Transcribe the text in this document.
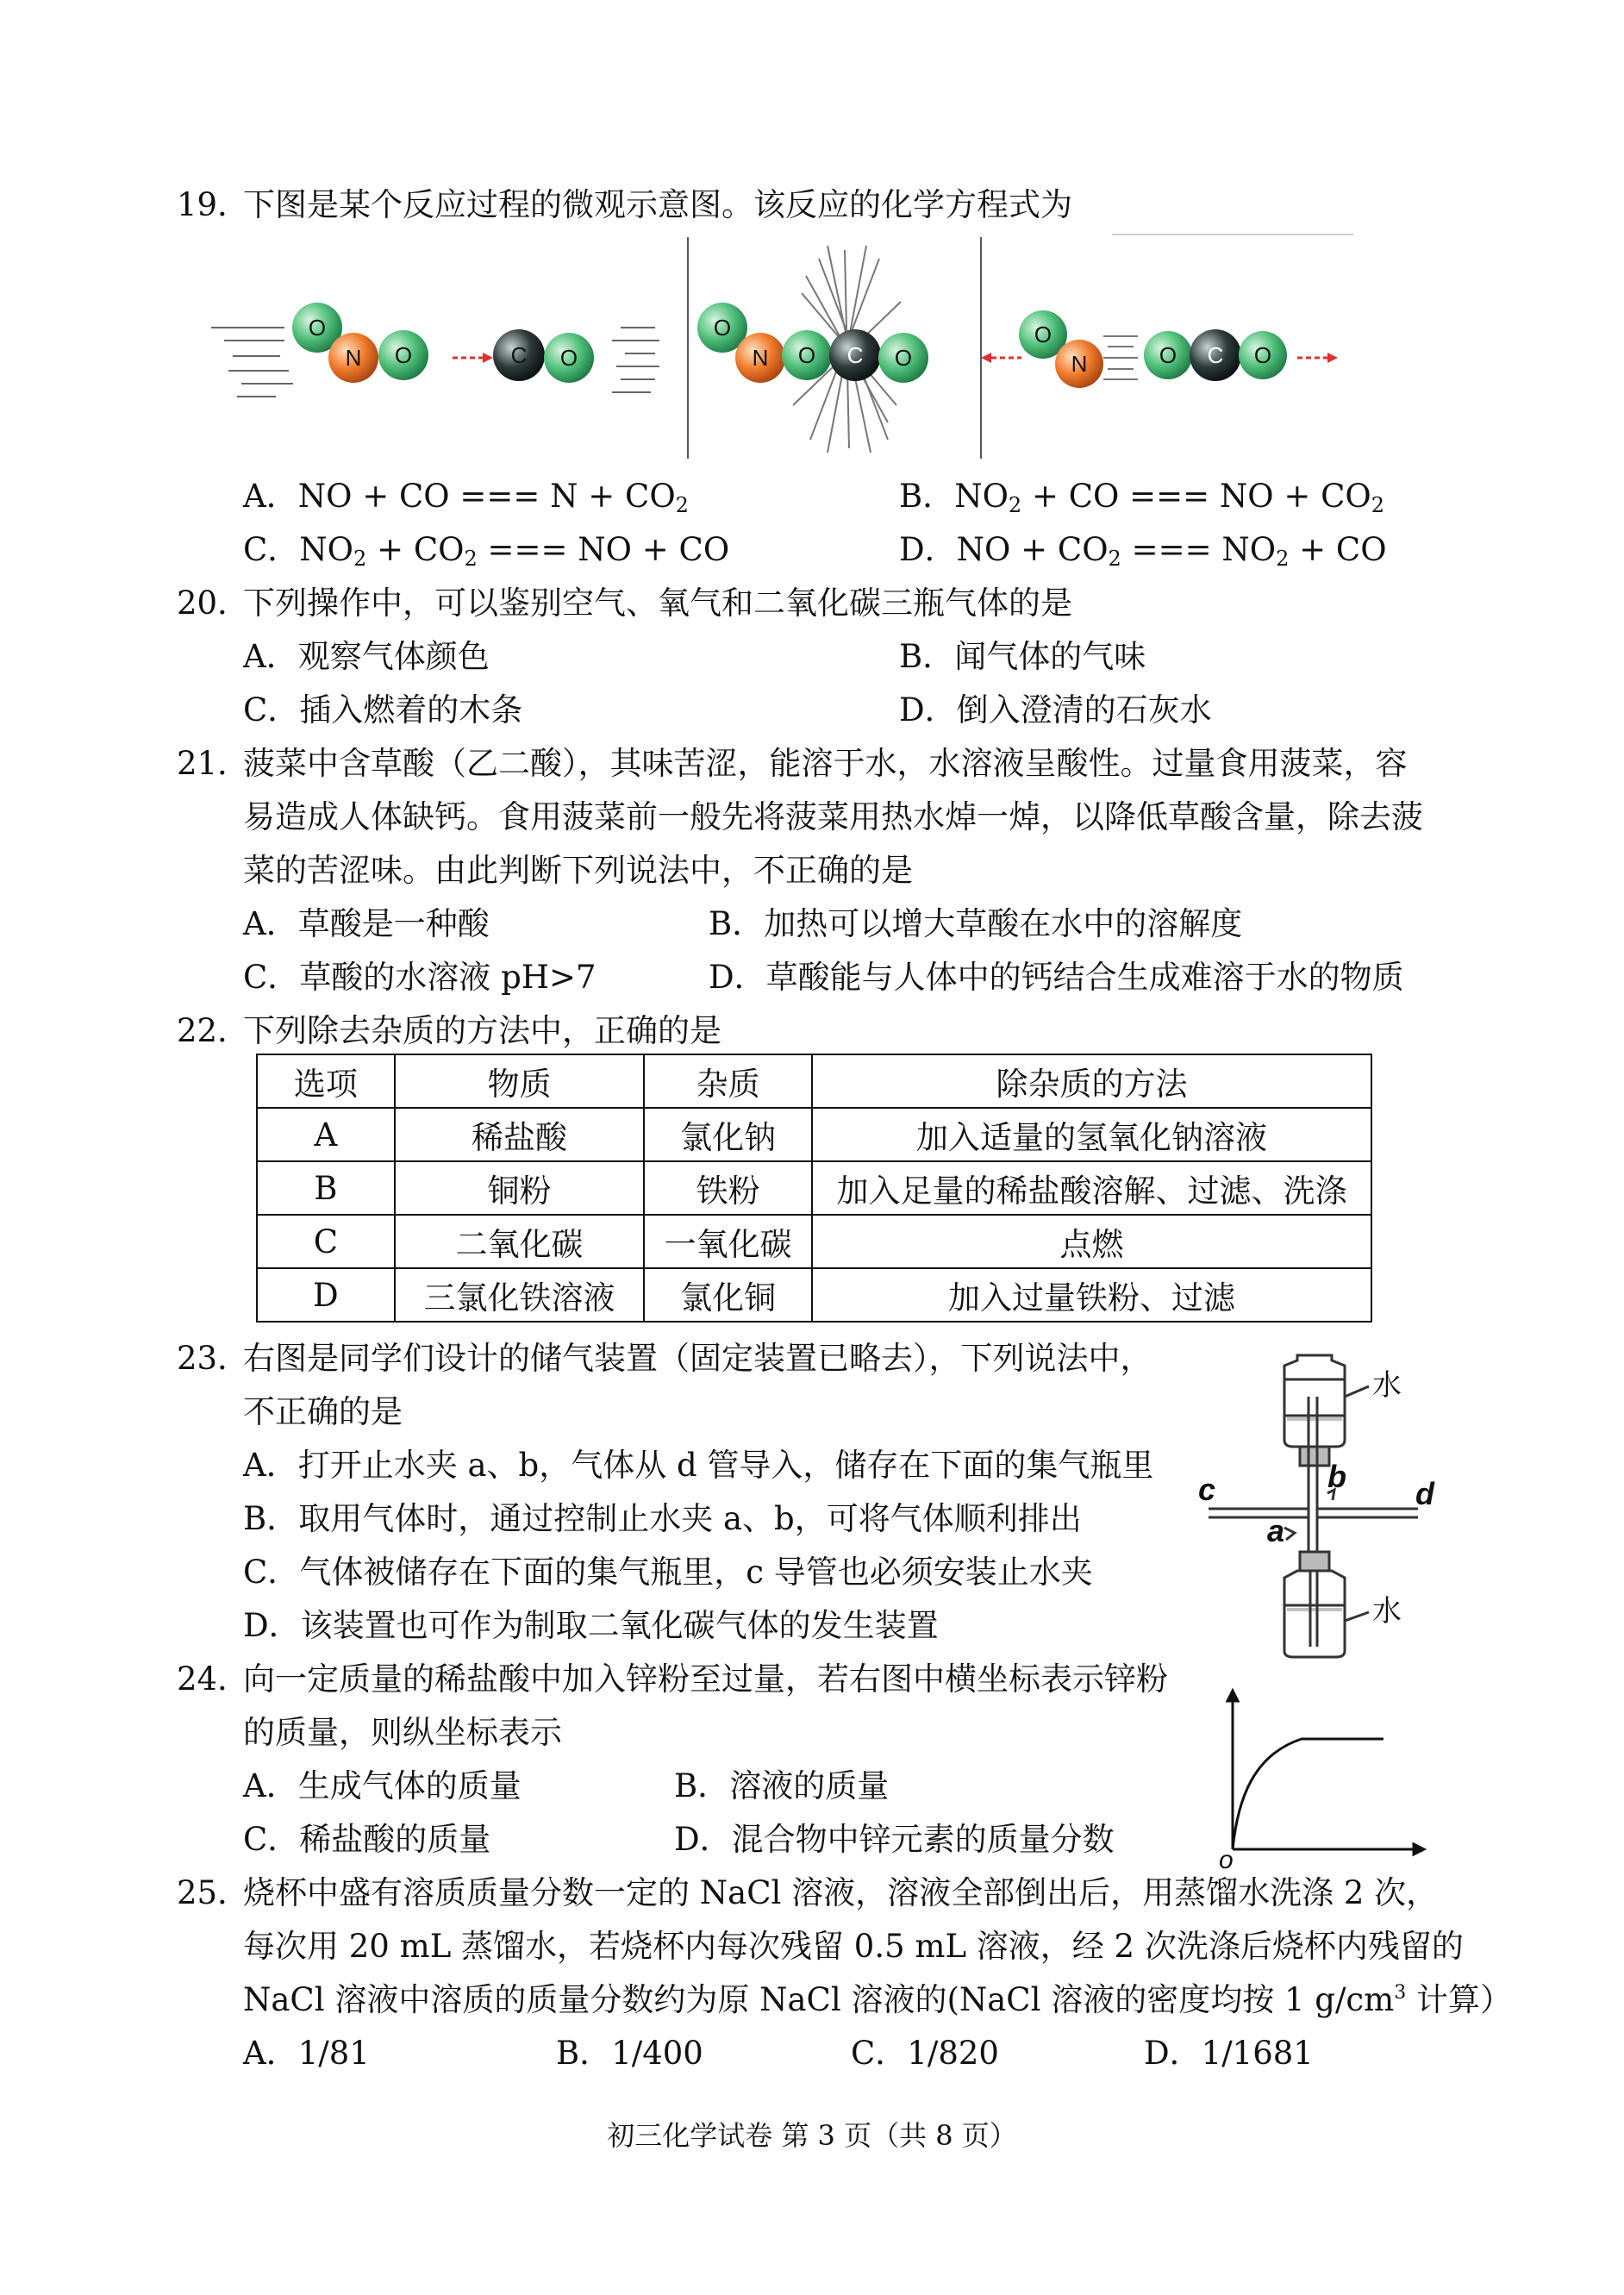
19．
下图是某个反应过程的微观示意图。该反应的化学方程式为
O
N O	C O
O
N O C O
O
N	O C O
A．NO + CO === $N + CO_2$	B．$NO_2$ + CO === NO + $CO_2$
C．$NO_2 + CO_2$ === NO + CO	D．NO + $CO_2$ === $NO_2$ + CO
20．
下列操作中，可以鉴别空气、氧气和二氧化碳三瓶气体的是
A．观察气体颜色	B．闻气体的气味
C．插入燃着的木条	D．倒入澄清的石灰水
21．
菠菜中含草酸（乙二酸），其味苦涩，能溶于水，水溶液呈酸性。过量食用菠菜，容
易造成人体缺钙。食用菠菜前一般先将菠菜用热水焯一焯，以降低草酸含量，除去菠
菜的苦涩味。由此判断下列说法中，不正确的是
A．草酸是一种酸	B．加热可以增大草酸在水中的溶解度
C．草酸的水溶液 pH>7	D．草酸能与人体中的钙结合生成难溶于水的物质
22．
下列除去杂质的方法中，正确的是
选项	物质	杂质	除杂质的方法
A	稀盐酸	氯化钠	加入适量的氢氧化钠溶液
B	铜粉	铁粉	加入足量的稀盐酸溶解、过滤、洗涤
C	二氧化碳	一氧化碳	点燃
D	三氯化铁溶液	氯化铜	加入过量铁粉、过滤
23．
右图是同学们设计的储气装置（固定装置已略去），下列说法中，
不正确的是
A．打开止水夹 a、b，气体从 d 管导入，储存在下面的集气瓶里
B．取用气体时，通过控制止水夹 a、b，可将气体顺利排出
C．气体被储存在下面的集气瓶里，c 导管也必须安装止水夹
D．该装置也可作为制取二氧化碳气体的发生装置
水
水
c	b d
a
24．
向一定质量的稀盐酸中加入锌粉至过量，若右图中横坐标表示锌粉
的质量，则纵坐标表示
A．生成气体的质量	B．溶液的质量
C．稀盐酸的质量	D．混合物中锌元素的质量分数
o
25．
烧杯中盛有溶质质量分数一定的 NaCl 溶液，溶液全部倒出后，用蒸馏水洗涤 2 次，
每次用 20 mL 蒸馏水，若烧杯内每次残留 0.5 mL 溶液，经 2 次洗涤后烧杯内残留的
NaCl 溶液中溶质的质量分数约为原 NaCl 溶液的(NaCl 溶液的密度均按 1 $g/cm^3$ 计算）
A．1/81	B．1/400	C．1/820	D．1/1681
初三化学试卷 第 3 页（共 8 页）
